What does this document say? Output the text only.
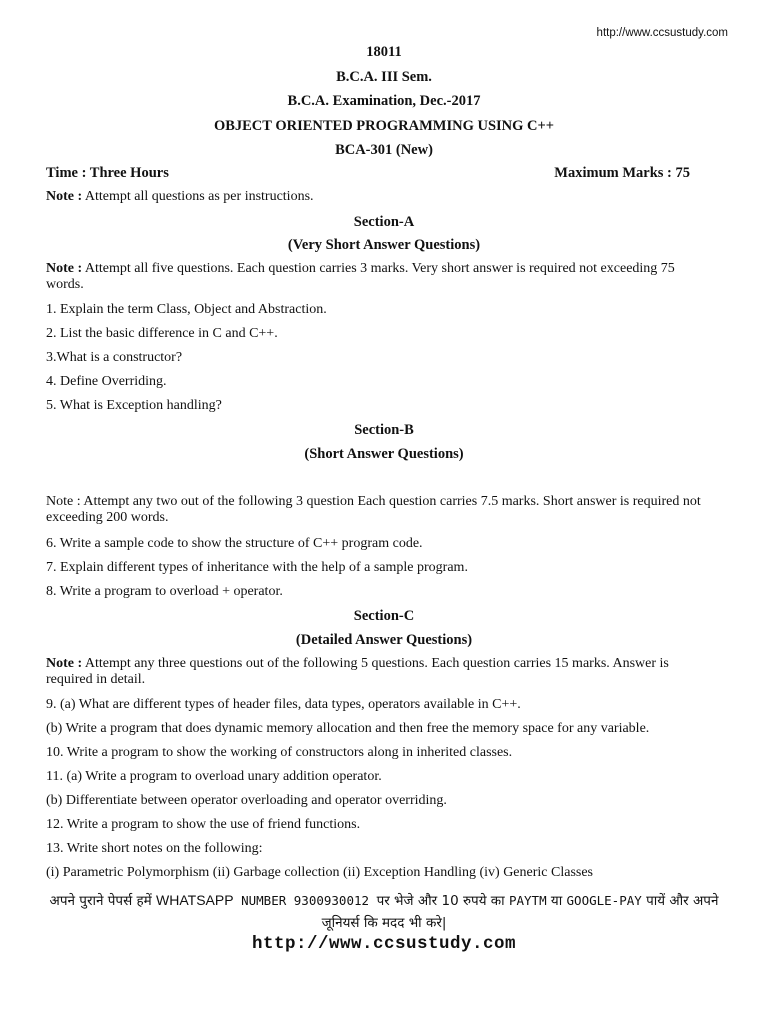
http://www.ccsustudy.com
18011
B.C.A. III Sem.
B.C.A. Examination, Dec.-2017
OBJECT ORIENTED PROGRAMMING USING C++
BCA-301 (New)
Time : Three Hours	Maximum Marks : 75
Note : Attempt all questions as per instructions.
Section-A
(Very Short Answer Questions)
Note : Attempt all five questions. Each question carries 3 marks. Very short answer is required not exceeding 75 words.
1. Explain the term Class, Object and Abstraction.
2. List the basic difference in C and C++.
3.What is a constructor?
4. Define Overriding.
5. What is Exception handling?
Section-B
(Short Answer Questions)
Note : Attempt any two out of the following 3 question Each question carries 7.5 marks. Short answer is required not exceeding 200 words.
6. Write a sample code to show the structure of C++ program code.
7. Explain different types of inheritance with the help of a sample program.
8. Write a program to overload + operator.
Section-C
(Detailed Answer Questions)
Note : Attempt any three questions out of the following 5 questions. Each question carries 15 marks. Answer is required in detail.
9. (a) What are different types of header files, data types, operators available in C++.
(b) Write a program that does dynamic memory allocation and then free the memory space for any variable.
10. Write a program to show the working of constructors along in inherited classes.
11. (a) Write a program to overload unary addition operator.
(b) Differentiate between operator overloading and operator overriding.
12. Write a program to show the use of friend functions.
13. Write short notes on the following:
(i) Parametric Polymorphism (ii) Garbage collection (ii) Exception Handling (iv) Generic Classes
अपने पुराने पेपर्स हमें WHATSAPP NUMBER 9300930012 पर भेजे और 10 रुपये का PAYTM या GOOGLE-PAY पायें और अपने जूनियर्स कि मदद भी करे|
http://www.ccsustudy.com
